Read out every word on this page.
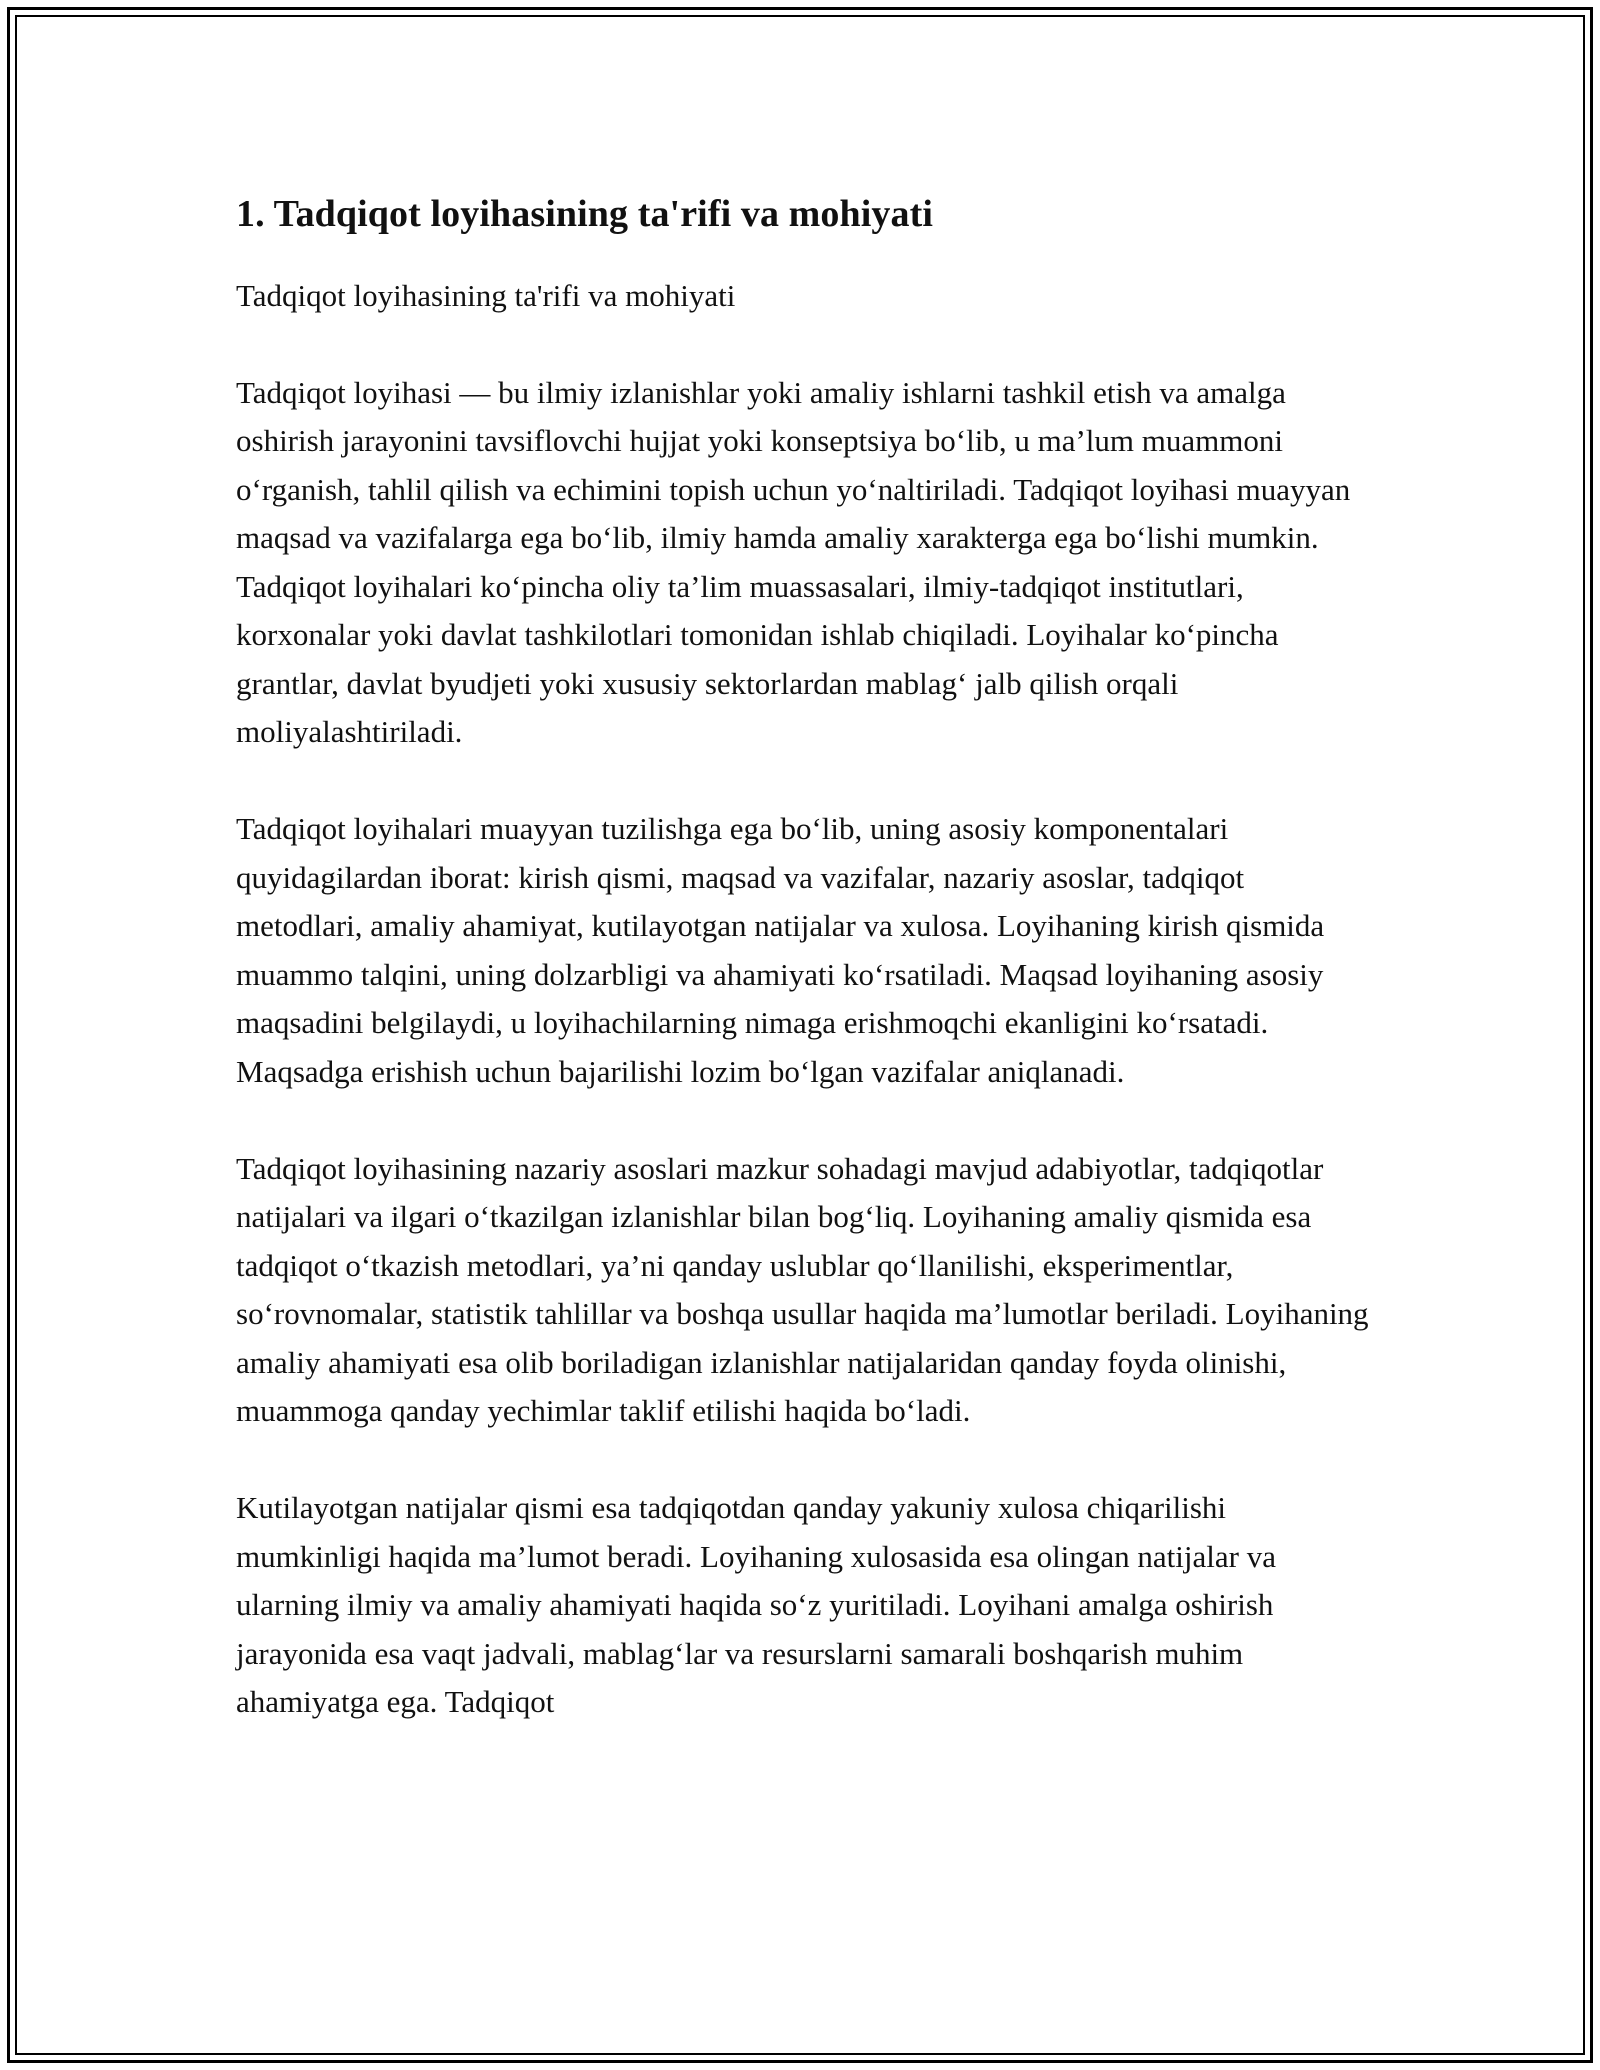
1. Tadqiqot loyihasining ta'rifi va mohiyati

Tadqiqot loyihasining ta'rifi va mohiyati

Tadqiqot loyihasi — bu ilmiy izlanishlar yoki amaliy ishlarni tashkil etish va amalga oshirish jarayonini tavsiflovchi hujjat yoki konseptsiya bo‘lib, u ma’lum muammoni o‘rganish, tahlil qilish va echimini topish uchun yo‘naltiriladi. Tadqiqot loyihasi muayyan maqsad va vazifalarga ega bo‘lib, ilmiy hamda amaliy xarakterga ega bo‘lishi mumkin. Tadqiqot loyihalari ko‘pincha oliy ta’lim muassasalari, ilmiy-tadqiqot institutlari, korxonalar yoki davlat tashkilotlari tomonidan ishlab chiqiladi. Loyihalar ko‘pincha grantlar, davlat byudjeti yoki xususiy sektorlardan mablag‘ jalb qilish orqali moliyalashtiriladi.

Tadqiqot loyihalari muayyan tuzilishga ega bo‘lib, uning asosiy komponentalari quyidagilardan iborat: kirish qismi, maqsad va vazifalar, nazariy asoslar, tadqiqot metodlari, amaliy ahamiyat, kutilayotgan natijalar va xulosa. Loyihaning kirish qismida muammo talqini, uning dolzarbligi va ahamiyati ko‘rsatiladi. Maqsad loyihaning asosiy maqsadini belgilaydi, u loyihachilarning nimaga erishmoqchi ekanligini ko‘rsatadi. Maqsadga erishish uchun bajarilishi lozim bo‘lgan vazifalar aniqlanadi.

Tadqiqot loyihasining nazariy asoslari mazkur sohadagi mavjud adabiyotlar, tadqiqotlar natijalari va ilgari o‘tkazilgan izlanishlar bilan bog‘liq. Loyihaning amaliy qismida esa tadqiqot o‘tkazish metodlari, ya’ni qanday uslublar qo‘llanilishi, eksperimentlar, so‘rovnomalar, statistik tahlillar va boshqa usullar haqida ma’lumotlar beriladi. Loyihaning amaliy ahamiyati esa olib boriladigan izlanishlar natijalaridan qanday foyda olinishi, muammoga qanday yechimlar taklif etilishi haqida bo‘ladi.

Kutilayotgan natijalar qismi esa tadqiqotdan qanday yakuniy xulosa chiqarilishi mumkinligi haqida ma’lumot beradi. Loyihaning xulosasida esa olingan natijalar va ularning ilmiy va amaliy ahamiyati haqida so‘z yuritiladi. Loyihani amalga oshirish jarayonida esa vaqt jadvali, mablag‘lar va resurslarni samarali boshqarish muhim ahamiyatga ega. Tadqiqot
